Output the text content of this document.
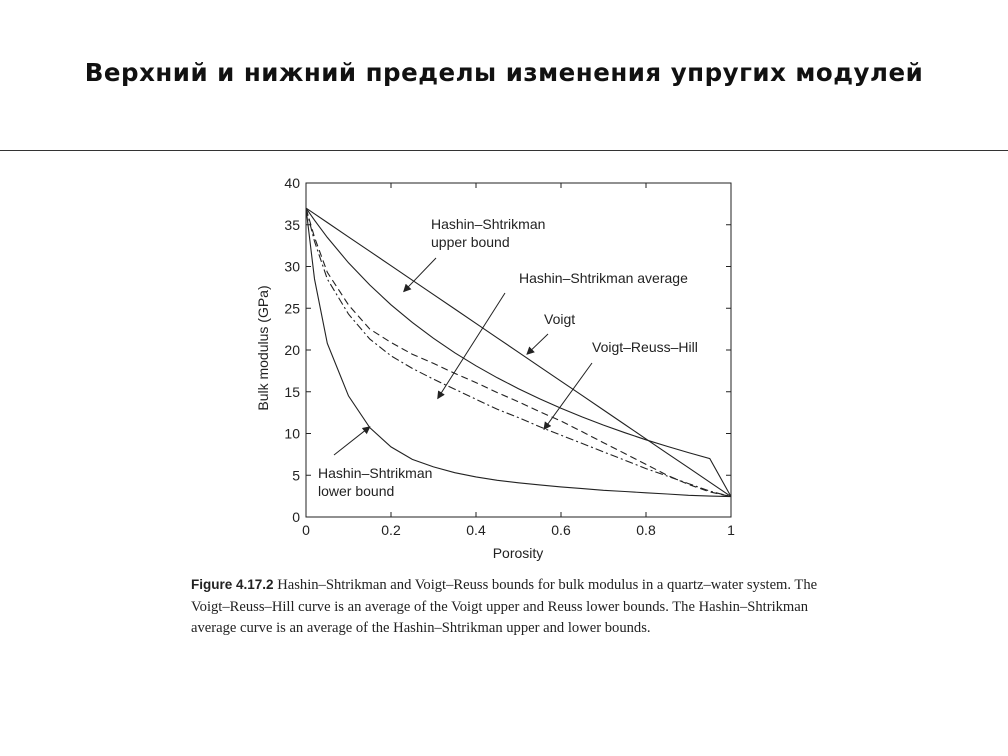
Верхний и нижний пределы изменения упругих модулей
0	0.2	0.4	0.6	0.8	1
0
5
10
15
20
25
30
35
40
Hashin–Shtrikman
upper bound
Hashin–Shtrikman average
Voigt
Voigt–Reuss–Hill
Hashin–Shtrikman
lower bound
Porosity
Bulk modulus (GPa)
Figure 4.17.2 Hashin–Shtrikman and Voigt–Reuss bounds for bulk modulus in a quartz–water system. The Voigt–Reuss–Hill curve is an average of the Voigt upper and Reuss lower bounds. The Hashin–Shtrikman average curve is an average of the Hashin–Shtrikman upper and lower bounds.
